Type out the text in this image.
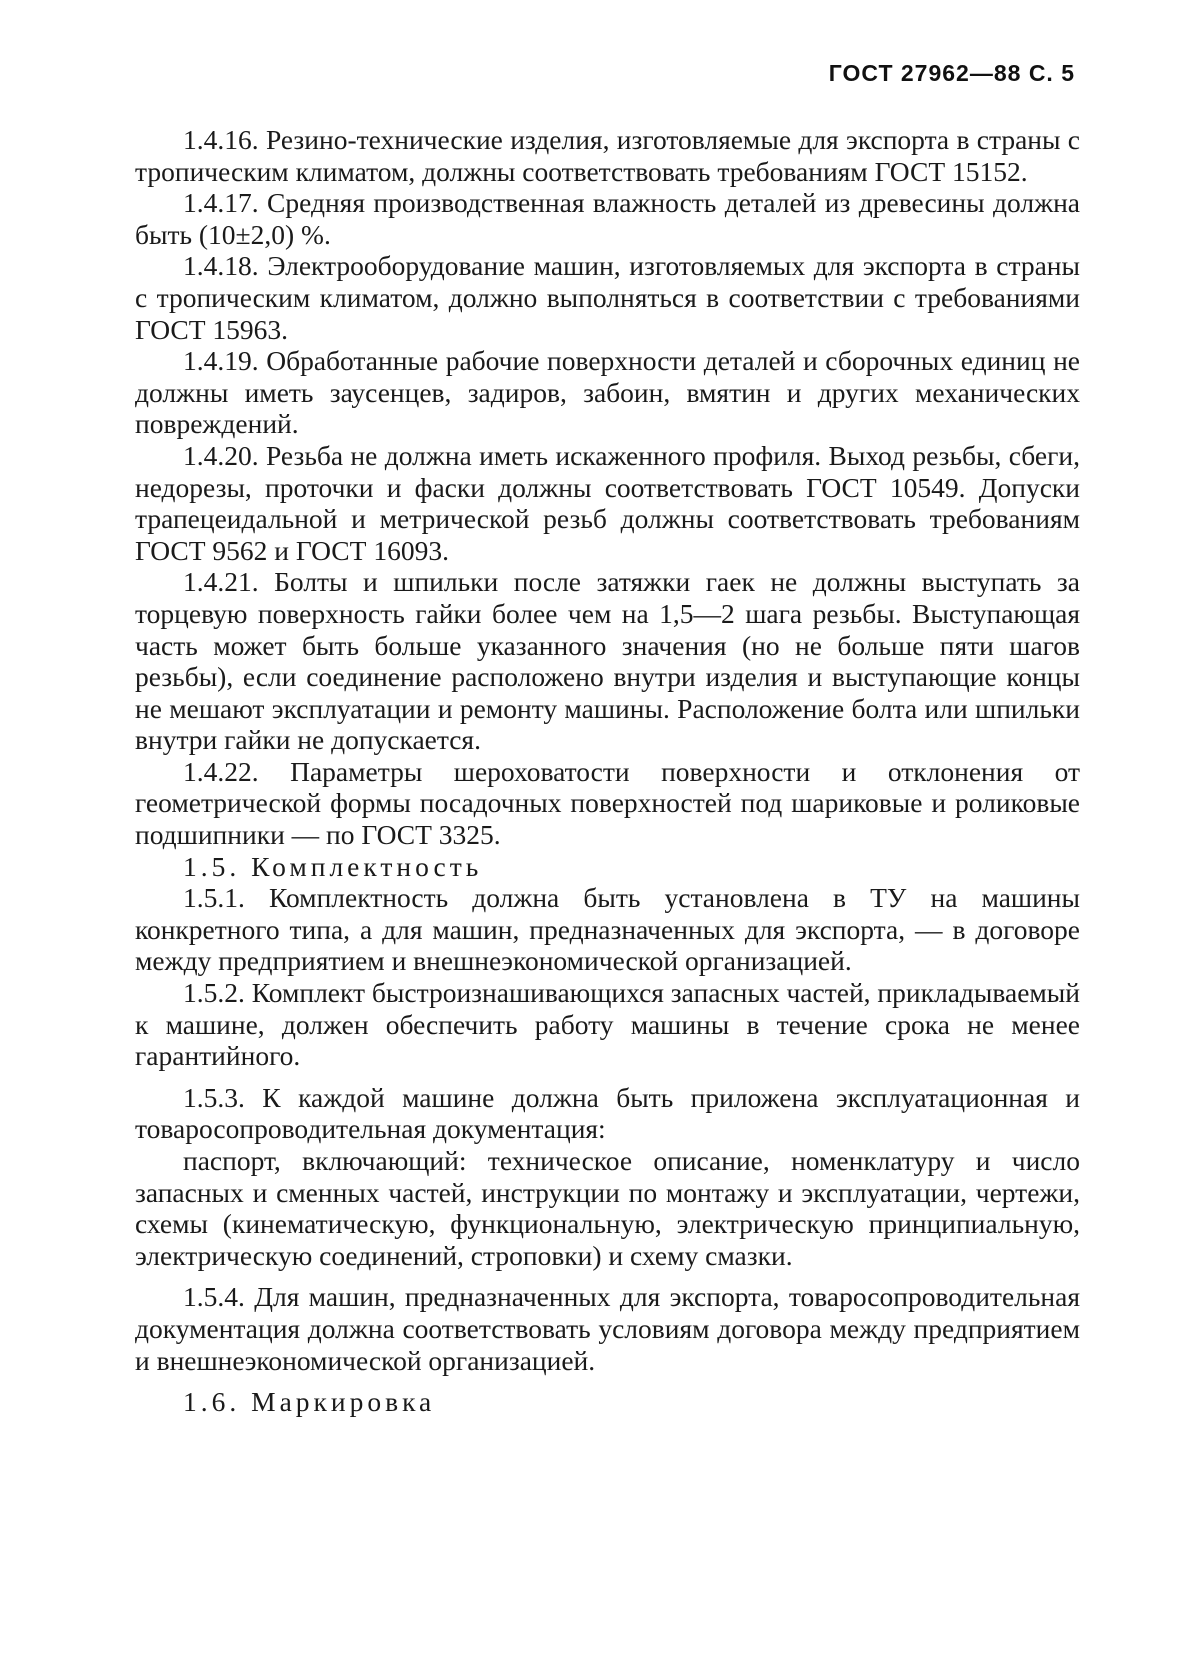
ГОСТ 27962—88 С. 5

1.4.16. Резино-технические изделия, изготовляемые для экспорта в страны с тропическим климатом, должны соответствовать требованиям ГОСТ 15152.

1.4.17. Средняя производственная влажность деталей из древесины должна быть (10±2,0) %.

1.4.18. Электрооборудование машин, изготовляемых для экспорта в страны с тропическим климатом, должно выполняться в соответствии с требованиями ГОСТ 15963.

1.4.19. Обработанные рабочие поверхности деталей и сборочных единиц не должны иметь заусенцев, задиров, забоин, вмятин и других механических повреждений.

1.4.20. Резьба не должна иметь искаженного профиля. Выход резьбы, сбеги, недорезы, проточки и фаски должны соответствовать ГОСТ 10549. Допуски трапецеидальной и метрической резьб должны соответствовать требованиям ГОСТ 9562 и ГОСТ 16093.

1.4.21. Болты и шпильки после затяжки гаек не должны выступать за торцевую поверхность гайки более чем на 1,5—2 шага резьбы. Выступающая часть может быть больше указанного значения (но не больше пяти шагов резьбы), если соединение расположено внутри изделия и выступающие концы не мешают эксплуатации и ремонту машины. Расположение болта или шпильки внутри гайки не допускается.

1.4.22. Параметры шероховатости поверхности и отклонения от геометрической формы посадочных поверхностей под шариковые и роликовые подшипники — по ГОСТ 3325.

1.5. Комплектность

1.5.1. Комплектность должна быть установлена в ТУ на машины конкретного типа, а для машин, предназначенных для экспорта, — в договоре между предприятием и внешнеэкономической организацией.

1.5.2. Комплект быстроизнашивающихся запасных частей, прикладываемый к машине, должен обеспечить работу машины в течение срока не менее гарантийного.

1.5.3. К каждой машине должна быть приложена эксплуатационная и товаросопроводительная документация:

паспорт, включающий: техническое описание, номенклатуру и число запасных и сменных частей, инструкции по монтажу и эксплуатации, чертежи, схемы (кинематическую, функциональную, электрическую принципиальную, электрическую соединений, строповки) и схему смазки.

1.5.4. Для машин, предназначенных для экспорта, товаросопроводительная документация должна соответствовать условиям договора между предприятием и внешнеэкономической организацией.

1.6. Маркировка
